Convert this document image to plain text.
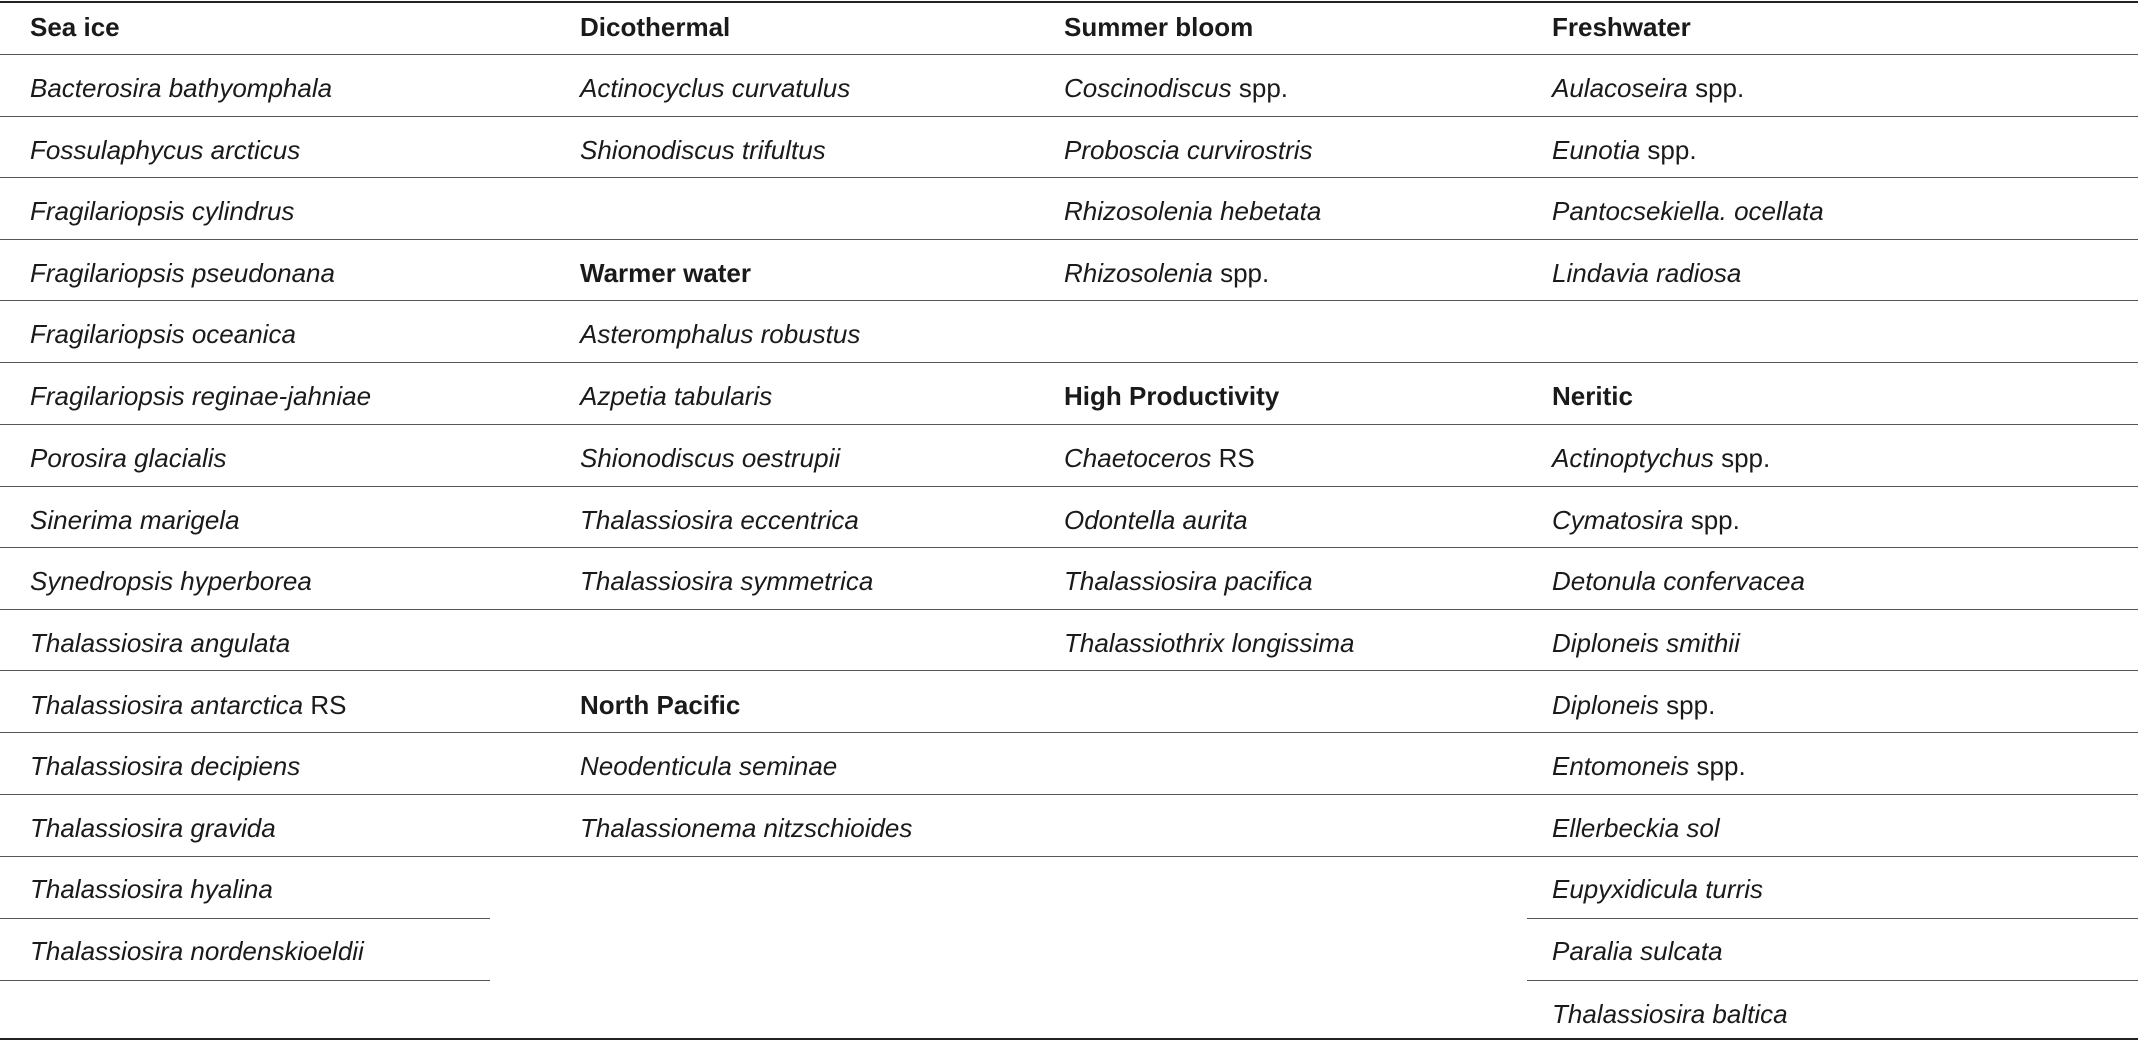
Sea ice
Bacterosira bathyomphala
Fossulaphycus arcticus
Fragilariopsis cylindrus
Fragilariopsis pseudonana
Fragilariopsis oceanica
Fragilariopsis reginae-jahniae
Porosira glacialis
Sinerima marigela
Synedropsis hyperborea
Thalassiosira angulata
Thalassiosira antarctica RS
Thalassiosira decipiens
Thalassiosira gravida
Thalassiosira hyalina
Thalassiosira nordenskioeldii
Dicothermal
Actinocyclus curvatulus
Shionodiscus trifultus
Warmer water
Asteromphalus robustus
Azpetia tabularis
Shionodiscus oestrupii
Thalassiosira eccentrica
Thalassiosira symmetrica
North Pacific
Neodenticula seminae
Thalassionema nitzschioides
Summer bloom
Coscinodiscus spp.
Proboscia curvirostris
Rhizosolenia hebetata
Rhizosolenia spp.
High Productivity
Chaetoceros RS
Odontella aurita
Thalassiosira pacifica
Thalassiothrix longissima
Freshwater
Aulacoseira spp.
Eunotia spp.
Pantocsekiella. ocellata
Lindavia radiosa
Neritic
Actinoptychus spp.
Cymatosira spp.
Detonula confervacea
Diploneis smithii
Diploneis spp.
Entomoneis spp.
Ellerbeckia sol
Eupyxidicula turris
Paralia sulcata
Thalassiosira baltica
